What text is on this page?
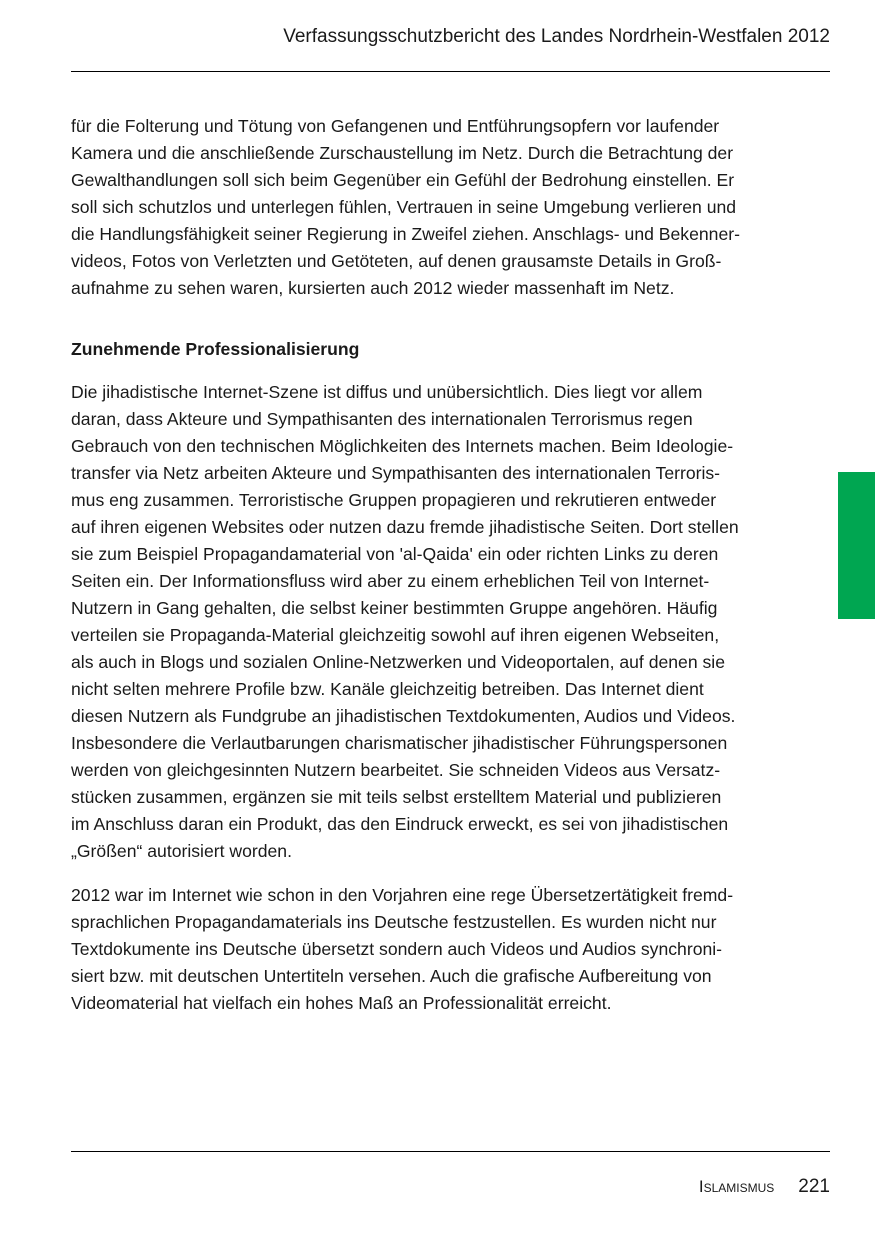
Verfassungsschutzbericht des Landes Nordrhein-Westfalen 2012

für die Folterung und Tötung von Gefangenen und Entführungsopfern vor laufender
Kamera und die anschließende Zurschaustellung im Netz. Durch die Betrachtung der
Gewalthandlungen soll sich beim Gegenüber ein Gefühl der Bedrohung einstellen. Er
soll sich schutzlos und unterlegen fühlen, Vertrauen in seine Umgebung verlieren und
die Handlungsfähigkeit seiner Regierung in Zweifel ziehen. Anschlags- und Bekenner-
videos, Fotos von Verletzten und Getöteten, auf denen grausamste Details in Groß-
aufnahme zu sehen waren, kursierten auch 2012 wieder massenhaft im Netz.

Zunehmende Professionalisierung

Die jihadistische Internet-Szene ist diffus und unübersichtlich. Dies liegt vor allem
daran, dass Akteure und Sympathisanten des internationalen Terrorismus regen
Gebrauch von den technischen Möglichkeiten des Internets machen. Beim Ideologie-
transfer via Netz arbeiten Akteure und Sympathisanten des internationalen Terroris-
mus eng zusammen. Terroristische Gruppen propagieren und rekrutieren entweder
auf ihren eigenen Websites oder nutzen dazu fremde jihadistische Seiten. Dort stellen
sie zum Beispiel Propagandamaterial von 'al-Qaida' ein oder richten Links zu deren
Seiten ein. Der Informationsfluss wird aber zu einem erheblichen Teil von Internet-
Nutzern in Gang gehalten, die selbst keiner bestimmten Gruppe angehören. Häufig
verteilen sie Propaganda-Material gleichzeitig sowohl auf ihren eigenen Webseiten,
als auch in Blogs und sozialen Online-Netzwerken und Videoportalen, auf denen sie
nicht selten mehrere Profile bzw. Kanäle gleichzeitig betreiben. Das Internet dient
diesen Nutzern als Fundgrube an jihadistischen Textdokumenten, Audios und Videos.
Insbesondere die Verlautbarungen charismatischer jihadistischer Führungspersonen
werden von gleichgesinnten Nutzern bearbeitet. Sie schneiden Videos aus Versatz-
stücken zusammen, ergänzen sie mit teils selbst erstelltem Material und publizieren
im Anschluss daran ein Produkt, das den Eindruck erweckt, es sei von jihadistischen
„Größen“ autorisiert worden.

2012 war im Internet wie schon in den Vorjahren eine rege Übersetzertätigkeit fremd-
sprachlichen Propagandamaterials ins Deutsche festzustellen. Es wurden nicht nur
Textdokumente ins Deutsche übersetzt sondern auch Videos und Audios synchroni-
siert bzw. mit deutschen Untertiteln versehen. Auch die grafische Aufbereitung von
Videomaterial hat vielfach ein hohes Maß an Professionalität erreicht.

Islamismus 221
